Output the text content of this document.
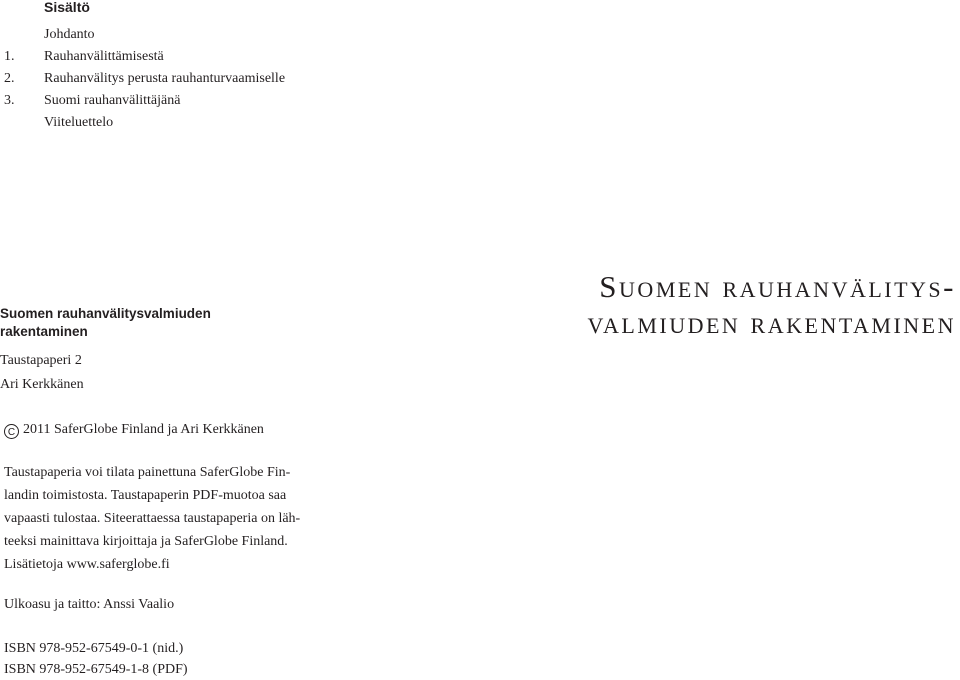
Sisältö
Johdanto
1. Rauhanvälittämisestä
2. Rauhanvälitys perusta rauhanturvaamiselle
3. Suomi rauhanvälittäjänä
Viiteluettelo
Suomen rauhanvälitysvalmiuden
rakentaminen
Taustapaperi 2
Ari Kerkkänen
Suomen rauhanvälitys-
valmiuden rakentaminen
C 2011 SaferGlobe Finland ja Ari Kerkkänen
Taustapaperia voi tilata painettuna SaferGlobe Fin-
landin toimistosta. Taustapaperin PDF-muotoa saa
vapaasti tulostaa. Siteerattaessa taustapaperia on läh-
teeksi mainittava kirjoittaja ja SaferGlobe Finland.
Lisätietoja www.saferglobe.fi
Ulkoasu ja taitto: Anssi Vaalio
ISBN 978-952-67549-0-1 (nid.)
ISBN 978-952-67549-1-8 (PDF)
